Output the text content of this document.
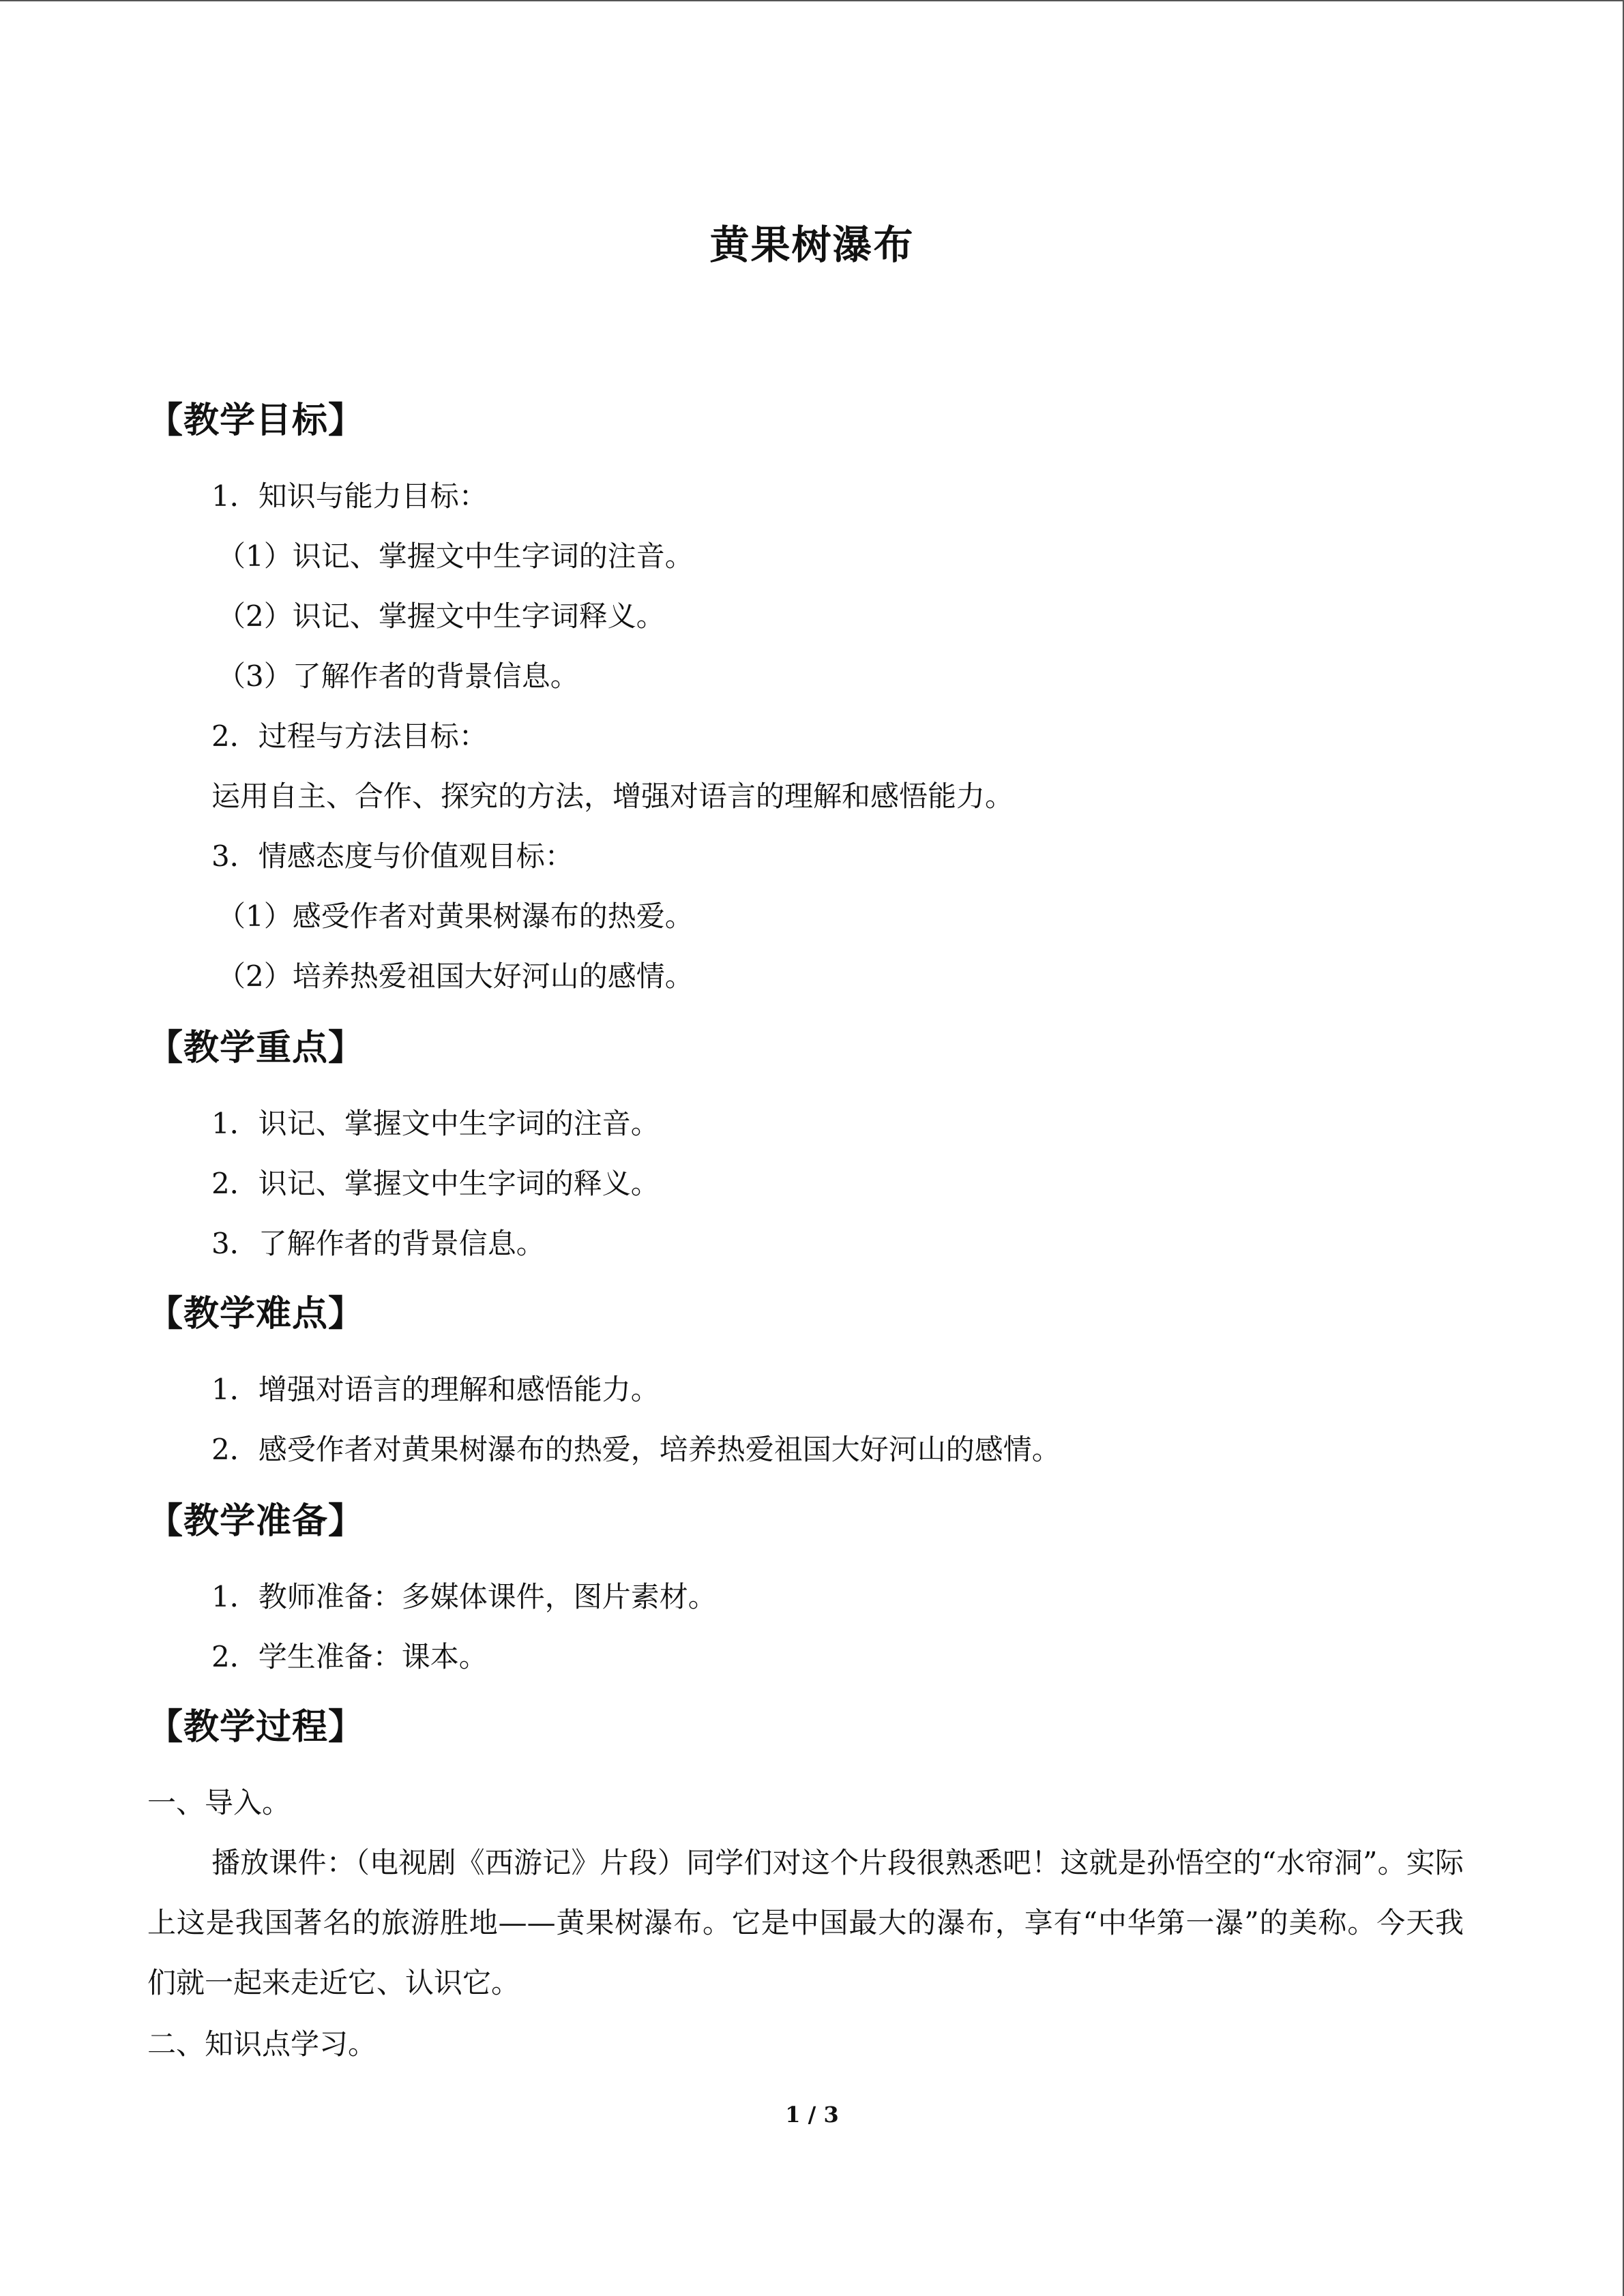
黄果树瀑布
【教学目标】
1．知识与能力目标：
（1）识记、掌握文中生字词的注音。
（2）识记、掌握文中生字词释义。
（3）了解作者的背景信息。
2．过程与方法目标：
运用自主、合作、探究的方法，增强对语言的理解和感悟能力。
3．情感态度与价值观目标：
（1）感受作者对黄果树瀑布的热爱。
（2）培养热爱祖国大好河山的感情。
【教学重点】
1．识记、掌握文中生字词的注音。
2．识记、掌握文中生字词的释义。
3．了解作者的背景信息。
【教学难点】
1．增强对语言的理解和感悟能力。
2．感受作者对黄果树瀑布的热爱，培养热爱祖国大好河山的感情。
【教学准备】
1．教师准备：多媒体课件，图片素材。
2．学生准备：课本。
【教学过程】
一、导入。
播放课件：（电视剧《西游记》片段）同学们对这个片段很熟悉吧！这就是孙悟空的“水帘洞”。实际上这是我国著名的旅游胜地——黄果树瀑布。它是中国最大的瀑布，享有“中华第一瀑”的美称。今天我们就一起来走近它、认识它。
二、知识点学习。
1 / 3
